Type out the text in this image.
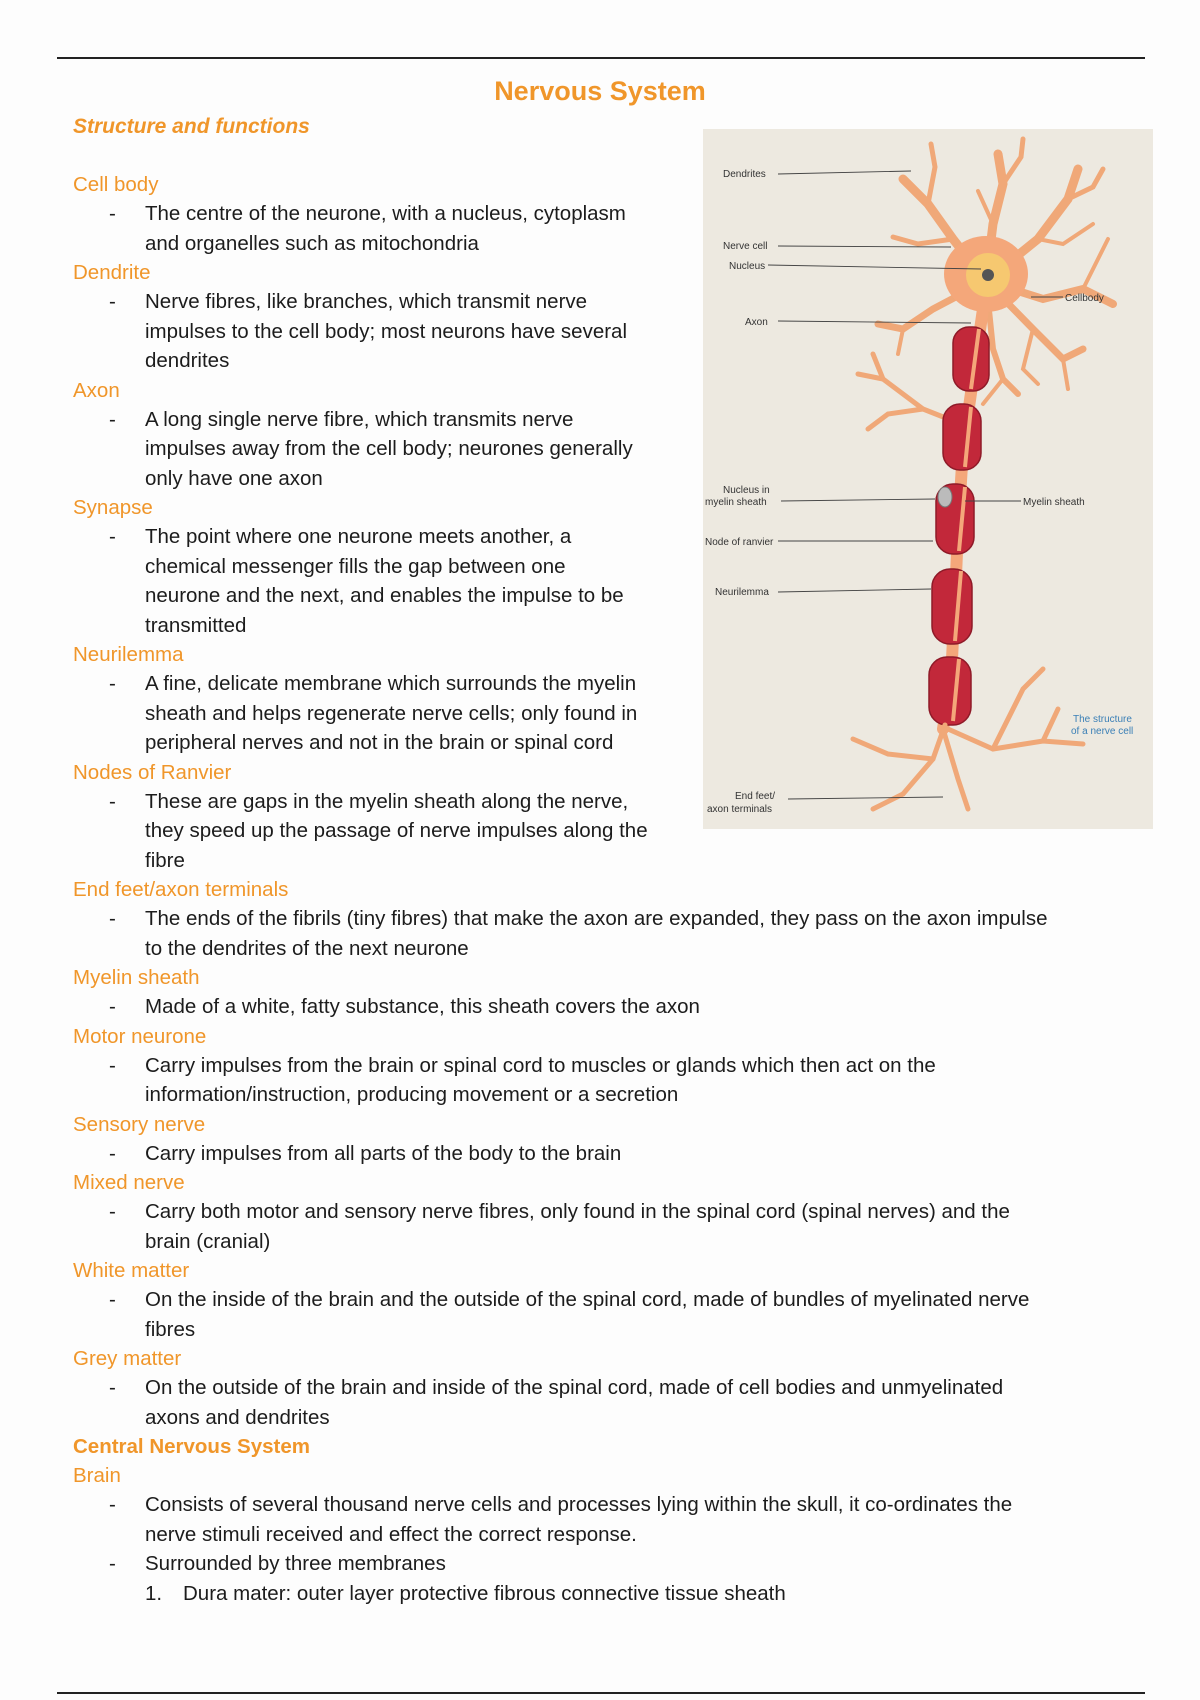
Nervous System
Structure and functions
Cell body
- The centre of the neurone, with a nucleus, cytoplasm
and organelles such as mitochondria
Dendrite
- Nerve fibres, like branches, which transmit nerve
impulses to the cell body; most neurons have several
dendrites
Axon
- A long single nerve fibre, which transmits nerve
impulses away from the cell body; neurones generally
only have one axon
Synapse
- The point where one neurone meets another, a
chemical messenger fills the gap between one
neurone and the next, and enables the impulse to be
transmitted
Neurilemma
- A fine, delicate membrane which surrounds the myelin
sheath and helps regenerate nerve cells; only found in
peripheral nerves and not in the brain or spinal cord
Nodes of Ranvier
- These are gaps in the myelin sheath along the nerve,
they speed up the passage of nerve impulses along the
fibre
End feet/axon terminals
- The ends of the fibrils (tiny fibres) that make the axon are expanded, they pass on the axon impulse
to the dendrites of the next neurone
Myelin sheath
- Made of a white, fatty substance, this sheath covers the axon
Motor neurone
- Carry impulses from the brain or spinal cord to muscles or glands which then act on the
information/instruction, producing movement or a secretion
Sensory nerve
- Carry impulses from all parts of the body to the brain
Mixed nerve
- Carry both motor and sensory nerve fibres, only found in the spinal cord (spinal nerves) and the
brain (cranial)
White matter
- On the inside of the brain and the outside of the spinal cord, made of bundles of myelinated nerve
fibres
Grey matter
- On the outside of the brain and inside of the spinal cord, made of cell bodies and unmyelinated
axons and dendrites
Central Nervous System
Brain
- Consists of several thousand nerve cells and processes lying within the skull, it co-ordinates the
nerve stimuli received and effect the correct response.
- Surrounded by three membranes
1. Dura mater: outer layer protective fibrous connective tissue sheath
Dendrites
Nerve cell
Nucleus
Axon
Cellbody
Nucleus in
myelin sheath	Myelin sheath
Node of ranvier
Neurilemma
End feet/
axon terminals
The structure
of a nerve cell
